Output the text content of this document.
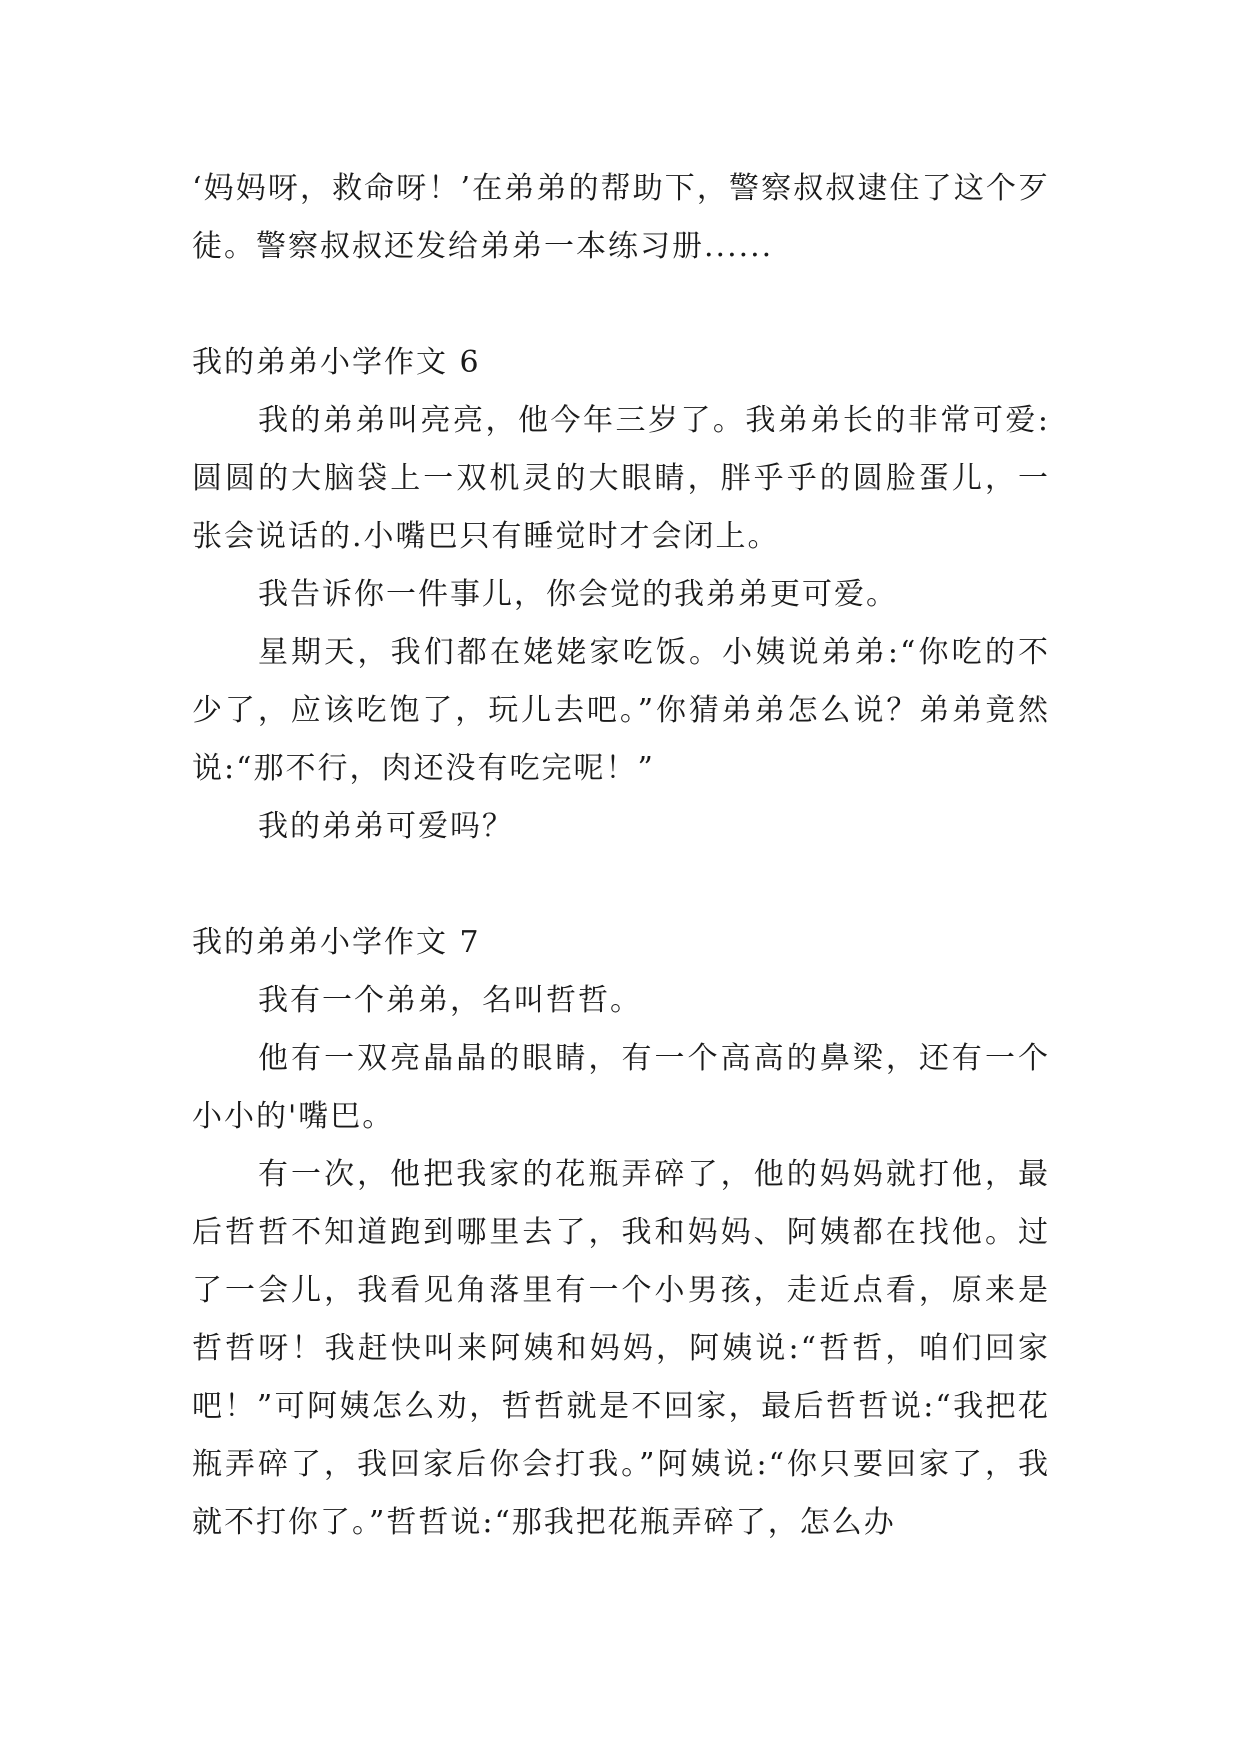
‘妈妈呀，救命呀！’在弟弟的帮助下，警察叔叔逮住了这个歹徒。警察叔叔还发给弟弟一本练习册......

我的弟弟小学作文 6

我的弟弟叫亮亮，他今年三岁了。我弟弟长的非常可爱:圆圆的大脑袋上一双机灵的大眼睛，胖乎乎的圆脸蛋儿，一张会说话的.小嘴巴只有睡觉时才会闭上。

我告诉你一件事儿，你会觉的我弟弟更可爱。

星期天，我们都在姥姥家吃饭。小姨说弟弟:“你吃的不少了，应该吃饱了，玩儿去吧。”你猜弟弟怎么说？弟弟竟然说:“那不行，肉还没有吃完呢！”

我的弟弟可爱吗？

我的弟弟小学作文 7

我有一个弟弟，名叫哲哲。

他有一双亮晶晶的眼睛，有一个高高的鼻梁，还有一个小小的'嘴巴。

有一次，他把我家的花瓶弄碎了，他的妈妈就打他，最后哲哲不知道跑到哪里去了，我和妈妈、阿姨都在找他。过了一会儿，我看见角落里有一个小男孩，走近点看，原来是哲哲呀！我赶快叫来阿姨和妈妈，阿姨说:“哲哲，咱们回家吧！”可阿姨怎么劝，哲哲就是不回家，最后哲哲说:“我把花瓶弄碎了，我回家后你会打我。”阿姨说:“你只要回家了，我就不打你了。”哲哲说:“那我把花瓶弄碎了，怎么办
